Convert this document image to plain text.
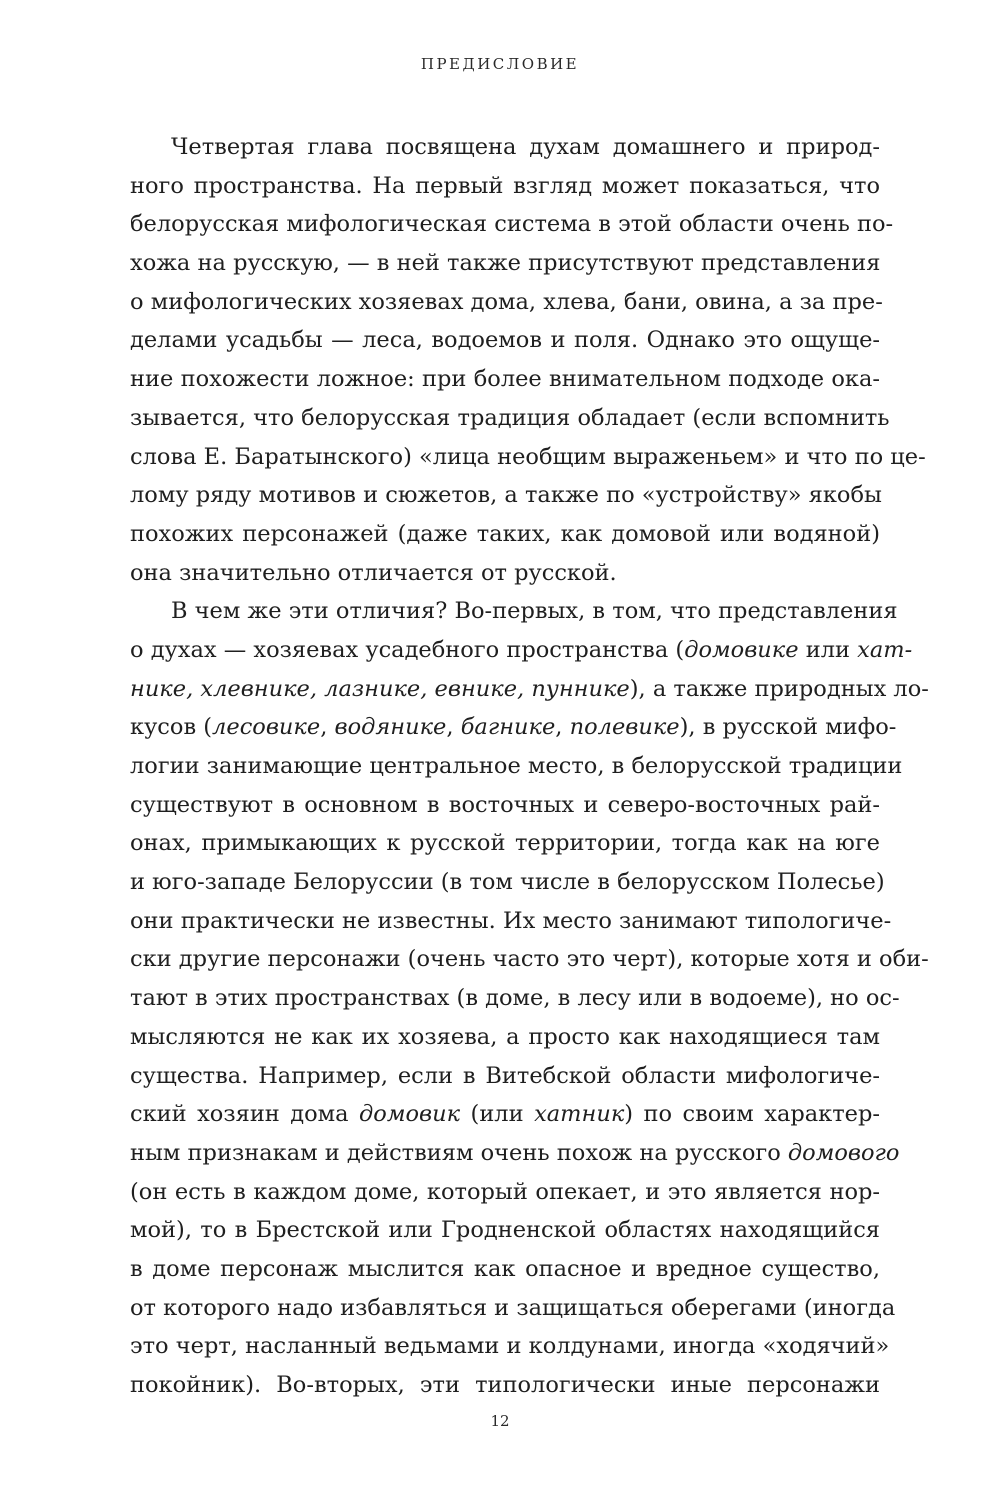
ПРЕДИСЛОВИЕ
Четвертая глава посвящена духам домашнего и природ-
ного пространства. На первый взгляд может показаться, что
белорусская мифологическая система в этой области очень по-
хожа на русскую, — в ней также присутствуют представления
о мифологических хозяевах дома, хлева, бани, овина, а за пре-
делами усадьбы — леса, водоемов и поля. Однако это ощуще-
ние похожести ложное: при более внимательном подходе ока-
зывается, что белорусская традиция обладает (если вспомнить
слова Е. Баратынского) «лица необщим выраженьем» и что по це-
лому ряду мотивов и сюжетов, а также по «устройству» якобы
похожих персонажей (даже таких, как домовой или водяной)
она значительно отличается от русской.
В чем же эти отличия? Во-первых, в том, что представления
о духах — хозяевах усадебного пространства (домовике или хат-
нике, хлевнике, лазнике, евнике, пуннике), а также природных ло-
кусов (лесовике, водянике, багнике, полевике), в русской мифо-
логии занимающие центральное место, в белорусской традиции
существуют в основном в восточных и северо-восточных рай-
онах, примыкающих к русской территории, тогда как на юге
и юго-западе Белоруссии (в том числе в белорусском Полесье)
они практически не известны. Их место занимают типологиче-
ски другие персонажи (очень часто это черт), которые хотя и оби-
тают в этих пространствах (в доме, в лесу или в водоеме), но ос-
мысляются не как их хозяева, а просто как находящиеся там
существа. Например, если в Витебской области мифологиче-
ский хозяин дома домовик (или хатник) по своим характер-
ным признакам и действиям очень похож на русского домового
(он есть в каждом доме, который опекает, и это является нор-
мой), то в Брестской или Гродненской областях находящийся
в доме персонаж мыслится как опасное и вредное существо,
от которого надо избавляться и защищаться оберегами (иногда
это черт, насланный ведьмами и колдунами, иногда «ходячий»
покойник). Во-вторых, эти типологически иные персонажи
12
